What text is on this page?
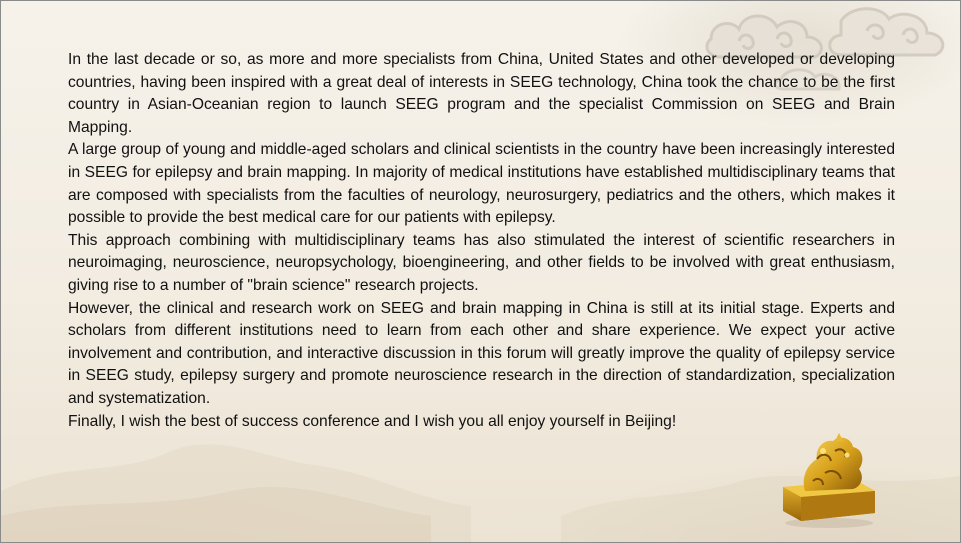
In the last decade or so, as more and more specialists from China, United States and other developed or developing countries, having been inspired with a great deal of interests in SEEG technology, China took the chance to be the first country in Asian-Oceanian region to launch SEEG program and the specialist Commission on SEEG and Brain Mapping.

A large group of young and middle-aged scholars and clinical scientists in the country have been increasingly interested in SEEG for epilepsy and brain mapping. In majority of medical institutions have established multidisciplinary teams that are composed with specialists from the faculties of neurology, neurosurgery, pediatrics and the others, which makes it possible to provide the best medical care for our patients with epilepsy.

This approach combining with multidisciplinary teams has also stimulated the interest of scientific researchers in neuroimaging, neuroscience, neuropsychology, bioengineering, and other fields to be involved with great enthusiasm, giving rise to a number of "brain science" research projects.

However, the clinical and research work on SEEG and brain mapping in China is still at its initial stage. Experts and scholars from different institutions need to learn from each other and share experience. We expect your active involvement and contribution, and interactive discussion in this forum will greatly improve the quality of epilepsy service in SEEG study, epilepsy surgery and promote neuroscience research in the direction of standardization, specialization and systematization.

Finally, I wish the best of success conference and I wish you all enjoy yourself in Beijing!
